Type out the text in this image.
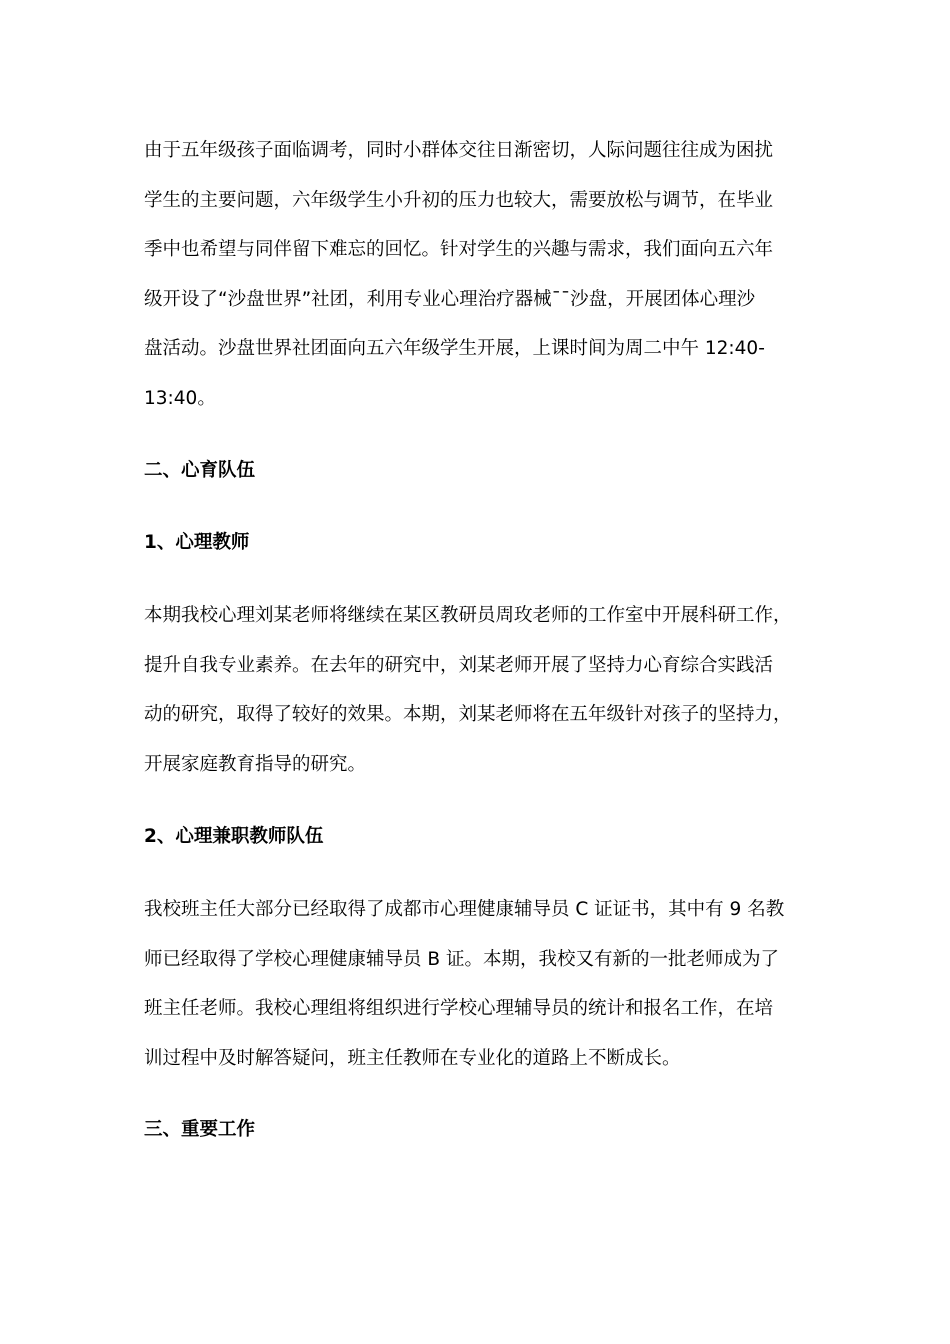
由于五年级孩子面临调考，同时小群体交往日渐密切，人际问题往往成为困扰
学生的主要问题，六年级学生小升初的压力也较大，需要放松与调节，在毕业
季中也希望与同伴留下难忘的回忆。针对学生的兴趣与需求，我们面向五六年
级开设了“沙盘世界”社团，利用专业心理治疗器械¯¯沙盘，开展团体心理沙
盘活动。沙盘世界社团面向五六年级学生开展，上课时间为周二中午 12:40-
13:40。

二、心育队伍
1、心理教师

本期我校心理刘某老师将继续在某区教研员周玫老师的工作室中开展科研工作，
提升自我专业素养。在去年的研究中，刘某老师开展了坚持力心育综合实践活
动的研究，取得了较好的效果。本期，刘某老师将在五年级针对孩子的坚持力，
开展家庭教育指导的研究。

2、心理兼职教师队伍

我校班主任大部分已经取得了成都市心理健康辅导员 C 证证书，其中有 9 名教
师已经取得了学校心理健康辅导员 B 证。本期，我校又有新的一批老师成为了
班主任老师。我校心理组将组织进行学校心理辅导员的统计和报名工作，在培
训过程中及时解答疑问，班主任教师在专业化的道路上不断成长。

三、重要工作
